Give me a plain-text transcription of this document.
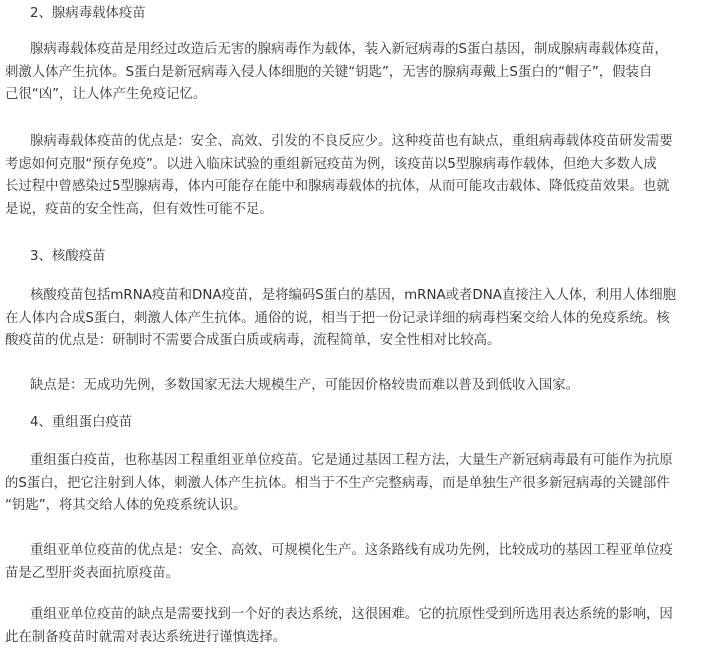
2、腺病毒载体疫苗

腺病毒载体疫苗是用经过改造后无害的腺病毒作为载体，装入新冠病毒的S蛋白基因，制成腺病毒载体疫苗，
刺激人体产生抗体。S蛋白是新冠病毒入侵人体细胞的关键“钥匙”，无害的腺病毒戴上S蛋白的“帽子”，假装自
己很“凶”，让人体产生免疫记忆。

腺病毒载体疫苗的优点是：安全、高效、引发的不良反应少。这种疫苗也有缺点，重组病毒载体疫苗研发需要
考虑如何克服“预存免疫”。以进入临床试验的重组新冠疫苗为例，该疫苗以5型腺病毒作载体，但绝大多数人成
长过程中曾感染过5型腺病毒，体内可能存在能中和腺病毒载体的抗体，从而可能攻击载体、降低疫苗效果。也就
是说，疫苗的安全性高，但有效性可能不足。

3、核酸疫苗

核酸疫苗包括mRNA疫苗和DNA疫苗，是将编码S蛋白的基因，mRNA或者DNA直接注入人体，利用人体细胞
在人体内合成S蛋白，刺激人体产生抗体。通俗的说，相当于把一份记录详细的病毒档案交给人体的免疫系统。核
酸疫苗的优点是：研制时不需要合成蛋白质或病毒，流程简单，安全性相对比较高。

缺点是：无成功先例，多数国家无法大规模生产，可能因价格较贵而难以普及到低收入国家。

4、重组蛋白疫苗

重组蛋白疫苗，也称基因工程重组亚单位疫苗。它是通过基因工程方法，大量生产新冠病毒最有可能作为抗原
的S蛋白，把它注射到人体，刺激人体产生抗体。相当于不生产完整病毒，而是单独生产很多新冠病毒的关键部件
“钥匙”，将其交给人体的免疫系统认识。

重组亚单位疫苗的优点是：安全、高效、可规模化生产。这条路线有成功先例，比较成功的基因工程亚单位疫
苗是乙型肝炎表面抗原疫苗。

重组亚单位疫苗的缺点是需要找到一个好的表达系统，这很困难。它的抗原性受到所选用表达系统的影响，因
此在制备疫苗时就需对表达系统进行谨慎选择。
